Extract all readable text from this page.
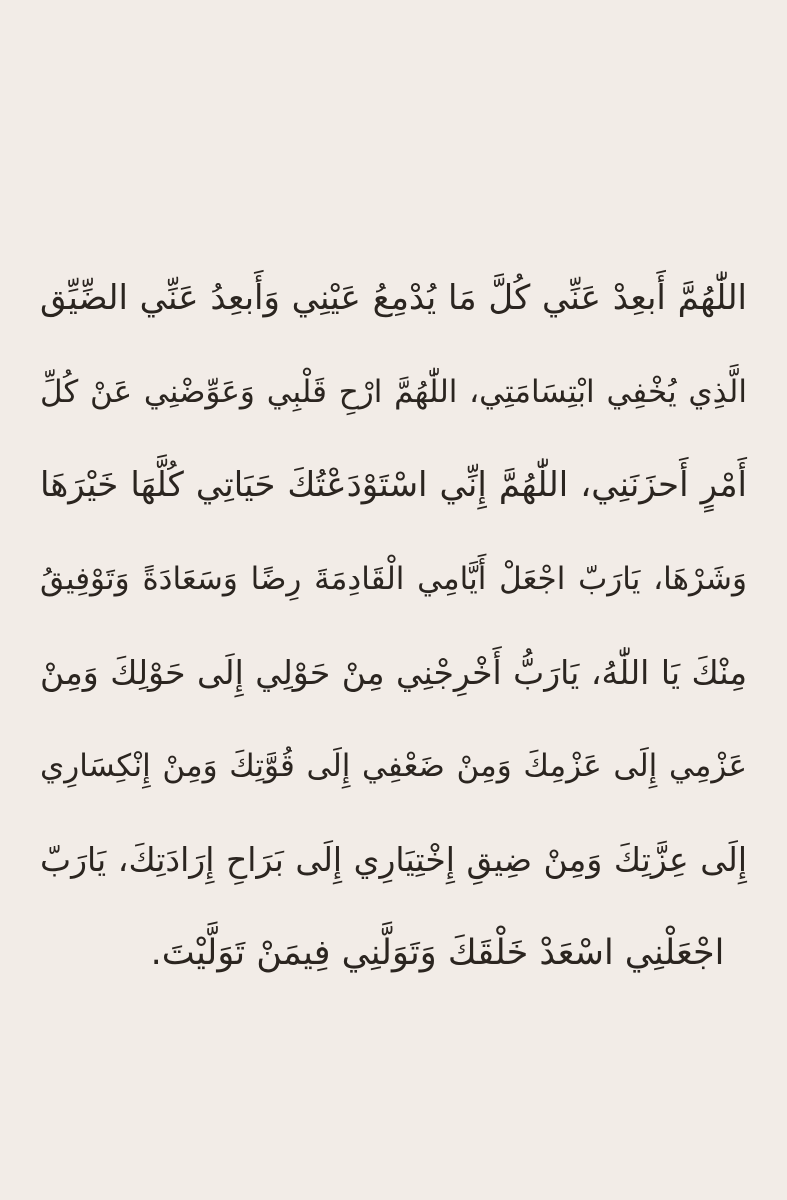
اللّٰهُمَّ أَبعِدْ عَنِّي كُلَّ مَا يُدْمِعُ عَيْنِي وَأَبعِدُ عَنِّي الضِّيِّق
الَّذِي يُخْفِي ابْتِسَامَتِي، اللّٰهُمَّ ارْحِ قَلْبِي وَعَوِّضْنِي عَنْ كُلِّ
أَمْرٍ أَحزَنَنِي، اللّٰهُمَّ إِنِّي اسْتَوْدَعْتُكَ حَيَاتِي كُلَّهَا خَيْرَهَا
وَشَرْهَا، يَارَبّ اجْعَلْ أَيَّامِي الْقَادِمَةَ رِضًا وَسَعَادَةً وَتَوْفِيقُ
مِنْكَ يَا اللّٰهُ، يَارَبُّ أَخْرِجْنِي مِنْ حَوْلِي إِلَى حَوْلِكَ وَمِنْ
عَزْمِي إِلَى عَزْمِكَ وَمِنْ ضَعْفِي إِلَى قُوَّتِكَ وَمِنْ إِنْكِسَارِي
إِلَى عِزَّتِكَ وَمِنْ ضِيقِ إِخْتِيَارِي إِلَى بَرَاحِ إِرَادَتِكَ، يَارَبّ
اجْعَلْنِي اسْعَدْ خَلْقَكَ وَتَوَلَّنِي فِيمَنْ تَوَلَّيْتَ.
